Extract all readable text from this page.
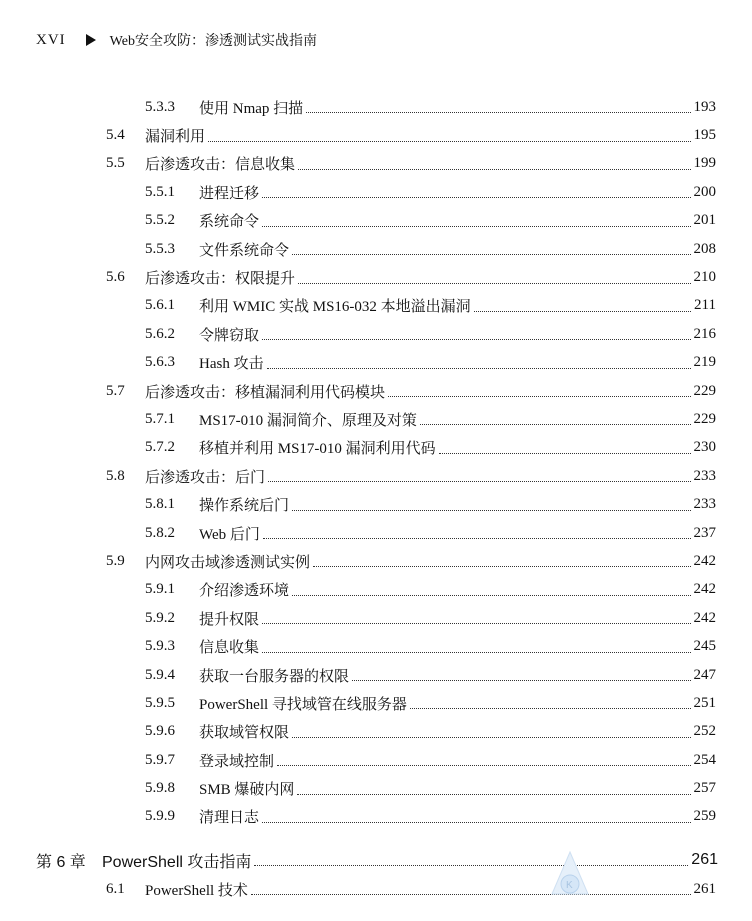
XVI	Web安全攻防：渗透测试实战指南
5.3.3 使用 Nmap 扫描	193
5.4 漏洞利用	195
5.5 后渗透攻击：信息收集	199
5.5.1 进程迁移	200
5.5.2 系统命令	201
5.5.3 文件系统命令	208
5.6 后渗透攻击：权限提升	210
5.6.1 利用 WMIC 实战 MS16-032 本地溢出漏洞	211
5.6.2 令牌窃取	216
5.6.3 Hash 攻击	219
5.7 后渗透攻击：移植漏洞利用代码模块	229
5.7.1 MS17-010 漏洞简介、原理及对策	229
5.7.2 移植并利用 MS17-010 漏洞利用代码	230
5.8 后渗透攻击：后门	233
5.8.1 操作系统后门	233
5.8.2 Web 后门	237
5.9 内网攻击域渗透测试实例	242
5.9.1 介绍渗透环境	242
5.9.2 提升权限	242
5.9.3 信息收集	245
5.9.4 获取一台服务器的权限	247
5.9.5 PowerShell 寻找域管在线服务器	251
5.9.6 获取域管权限	252
5.9.7 登录域控制	254
5.9.8 SMB 爆破内网	257
5.9.9 清理日志	259
第 6 章 PowerShell 攻击指南	261
6.1 PowerShell 技术	261
K
